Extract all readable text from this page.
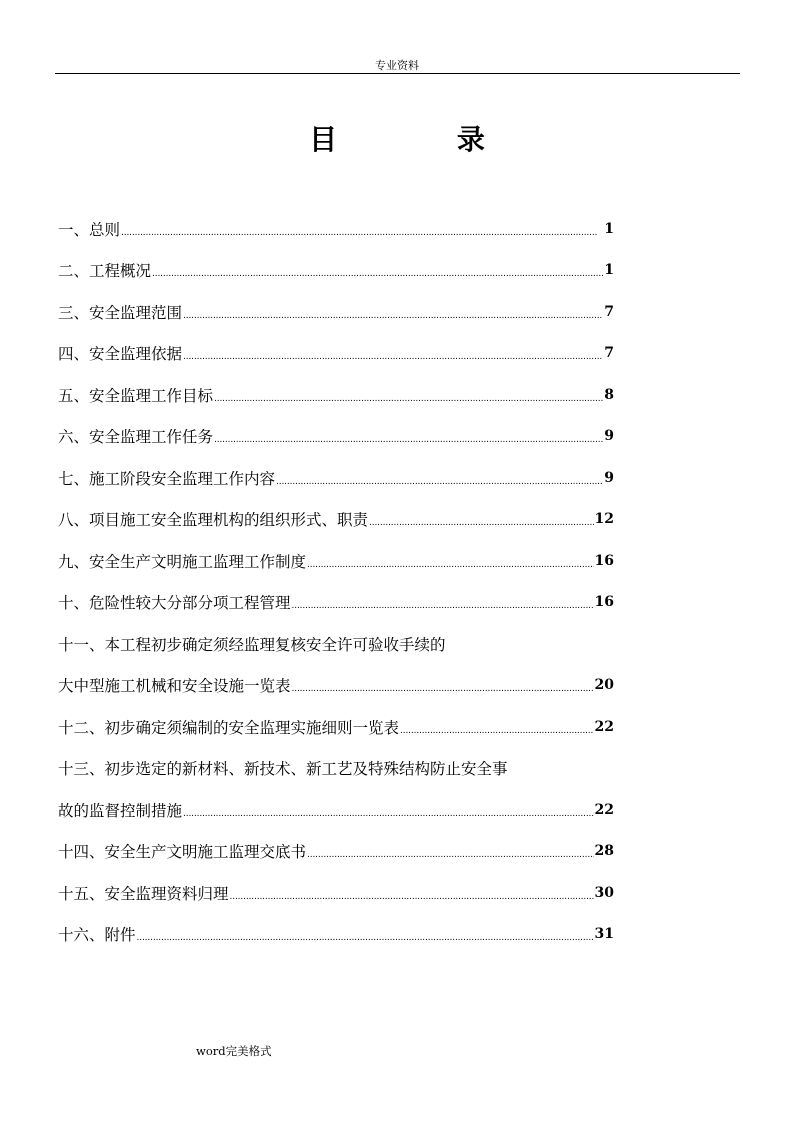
专业资料
目 录
一、总则 . . .	1
二、工程概况 . . .	1
三、安全监理范围 . . .	7
四、安全监理依据 . . .	7
五、安全监理工作目标 . . .	8
六、安全监理工作任务 . . .	9
七、施工阶段安全监理工作内容 . . .	9
八、项目施工安全监理机构的组织形式、职责 . . .	12
九、安全生产文明施工监理工作制度 . . .	16
十、危险性较大分部分项工程管理 . . .	16
十一、本工程初步确定须经监理复核安全许可验收手续的
大中型施工机械和安全设施一览表 . . .	20
十二、初步确定须编制的安全监理实施细则一览表 . . .	22
十三、初步选定的新材料、新技术、新工艺及特殊结构防止安全事
故的监督控制措施 . . .	22
十四、安全生产文明施工监理交底书 . . .	28
十五、安全监理资料归理 . . .	30
十六、附件 . . .	31
word完美格式
